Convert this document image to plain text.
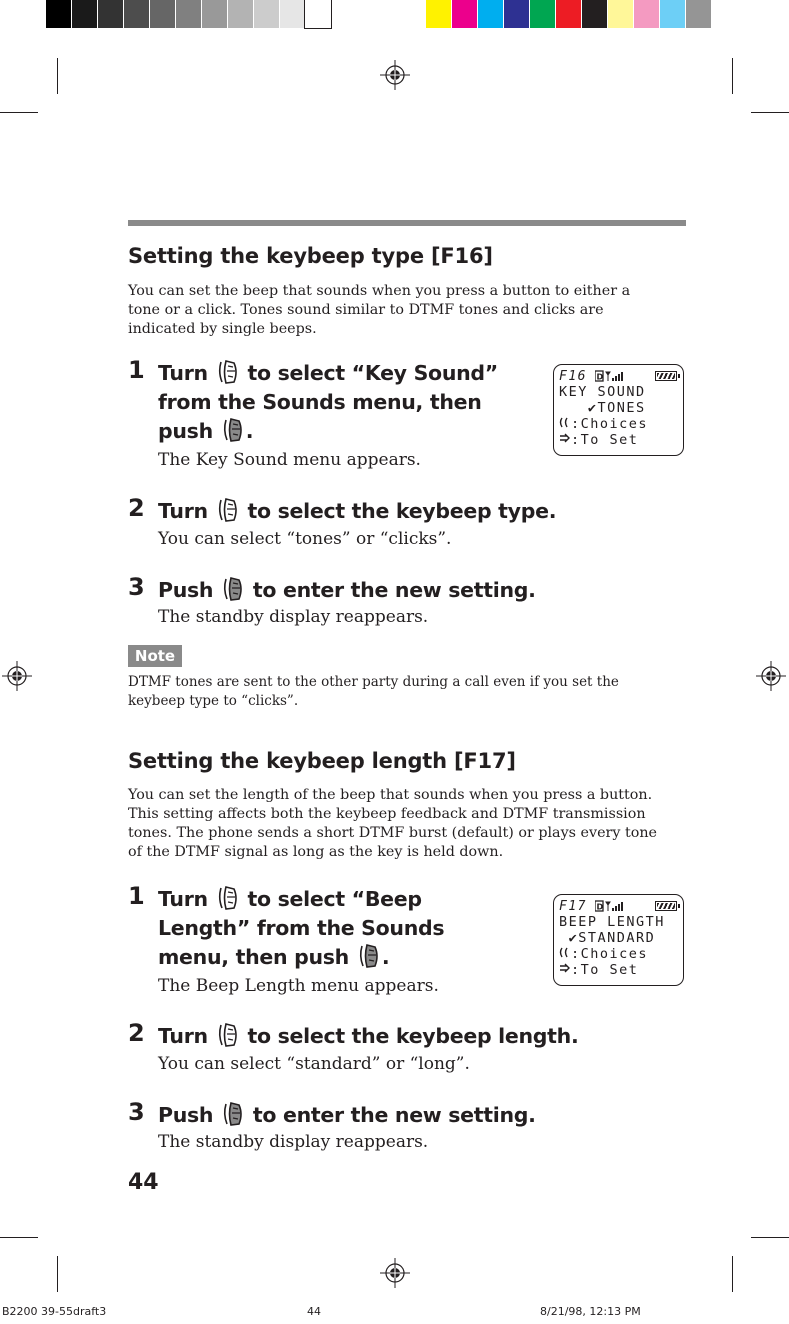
Setting the keybeep type [F16]
You can set the beep that sounds when you press a button to either a
tone or a click. Tones sound similar to DTMF tones and clicks are
indicated by single beeps.
1 Turn to select “Key Sound”
from the Sounds menu, then
push .
The Key Sound menu appears.
F16	D
KEY SOUND
✔TONES
:Choices
:To Set
2 Turn to select the keybeep type.
You can select “tones” or “clicks”.
3 Push to enter the new setting.
The standby display reappears.
Note
DTMF tones are sent to the other party during a call even if you set the
keybeep type to “clicks”.
Setting the keybeep length [F17]
You can set the length of the beep that sounds when you press a button.
This setting affects both the keybeep feedback and DTMF transmission
tones. The phone sends a short DTMF burst (default) or plays every tone
of the DTMF signal as long as the key is held down.
1 Turn to select “Beep
Length” from the Sounds
menu, then push .
The Beep Length menu appears.
F17	D
BEEP LENGTH
✔STANDARD
:Choices
:To Set
2 Turn to select the keybeep length.
You can select “standard” or “long”.
3 Push to enter the new setting.
The standby display reappears.
44
B2200 39-55draft3	44	8/21/98, 12:13 PM
